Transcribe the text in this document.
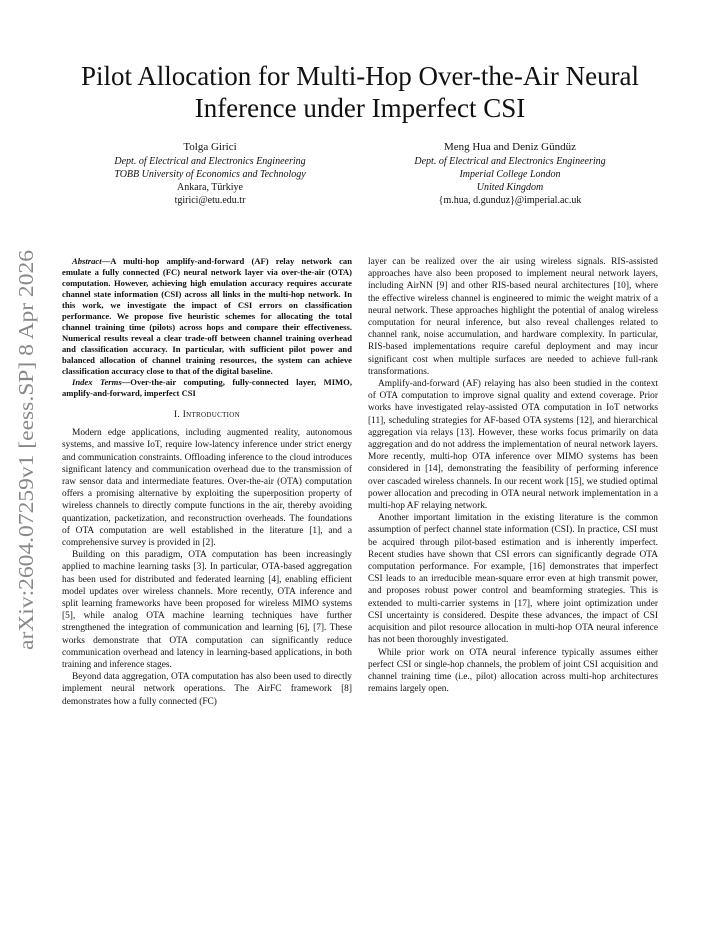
arXiv:2604.07259v1 [eess.SP] 8 Apr 2026
Pilot Allocation for Multi-Hop Over-the-Air Neural Inference under Imperfect CSI
Tolga Girici
Dept. of Electrical and Electronics Engineering
TOBB University of Economics and Technology
Ankara, Türkiye
tgirici@etu.edu.tr
Meng Hua and Deniz Gündüz
Dept. of Electrical and Electronics Engineering
Imperial College London
United Kingdom
{m.hua, d.gunduz}@imperial.ac.uk

Abstract—A multi-hop amplify-and-forward (AF) relay network can emulate a fully connected (FC) neural network layer via over-the-air (OTA) computation. However, achieving high emulation accuracy requires accurate channel state information (CSI) across all links in the multi-hop network. In this work, we investigate the impact of CSI errors on classification performance. We propose five heuristic schemes for allocating the total channel training time (pilots) across hops and compare their effectiveness. Numerical results reveal a clear trade-off between channel training overhead and classification accuracy. In particular, with sufficient pilot power and balanced allocation of channel training resources, the system can achieve classification accuracy close to that of the digital baseline.

Index Terms—Over-the-air computing, fully-connected layer, MIMO, amplify-and-forward, imperfect CSI

I. Introduction

Modern edge applications, including augmented reality, autonomous systems, and massive IoT, require low-latency inference under strict energy and communication constraints. Offloading inference to the cloud introduces significant latency and communication overhead due to the transmission of raw sensor data and intermediate features. Over-the-air (OTA) computation offers a promising alternative by exploiting the superposition property of wireless channels to directly compute functions in the air, thereby avoiding quantization, packetization, and reconstruction overheads. The foundations of OTA computation are well established in the literature [1], and a comprehensive survey is provided in [2].

Building on this paradigm, OTA computation has been increasingly applied to machine learning tasks [3]. In particular, OTA-based aggregation has been used for distributed and federated learning [4], enabling efficient model updates over wireless channels. More recently, OTA inference and split learning frameworks have been proposed for wireless MIMO systems [5], while analog OTA machine learning techniques have further strengthened the integration of communication and learning [6], [7]. These works demonstrate that OTA computation can significantly reduce communication overhead and latency in learning-based applications, in both training and inference stages.

Beyond data aggregation, OTA computation has also been used to directly implement neural network operations. The AirFC framework [8] demonstrates how a fully connected (FC)

layer can be realized over the air using wireless signals. RIS-assisted approaches have also been proposed to implement neural network layers, including AirNN [9] and other RIS-based neural architectures [10], where the effective wireless channel is engineered to mimic the weight matrix of a neural network. These approaches highlight the potential of analog wireless computation for neural inference, but also reveal challenges related to channel rank, noise accumulation, and hardware complexity. In particular, RIS-based implementations require careful deployment and may incur significant cost when multiple surfaces are needed to achieve full-rank transformations.

Amplify-and-forward (AF) relaying has also been studied in the context of OTA computation to improve signal quality and extend coverage. Prior works have investigated relay-assisted OTA computation in IoT networks [11], scheduling strategies for AF-based OTA systems [12], and hierarchical aggregation via relays [13]. However, these works focus primarily on data aggregation and do not address the implementation of neural network layers. More recently, multi-hop OTA inference over MIMO systems has been considered in [14], demonstrating the feasibility of performing inference over cascaded wireless channels. In our recent work [15], we studied optimal power allocation and precoding in OTA neural network implementation in a multi-hop AF relaying network.

Another important limitation in the existing literature is the common assumption of perfect channel state information (CSI). In practice, CSI must be acquired through pilot-based estimation and is inherently imperfect. Recent studies have shown that CSI errors can significantly degrade OTA computation performance. For example, [16] demonstrates that imperfect CSI leads to an irreducible mean-square error even at high transmit power, and proposes robust power control and beamforming strategies. This is extended to multi-carrier systems in [17], where joint optimization under CSI uncertainty is considered. Despite these advances, the impact of CSI acquisition and pilot resource allocation in multi-hop OTA neural inference has not been thoroughly investigated.

While prior work on OTA neural inference typically assumes either perfect CSI or single-hop channels, the problem of joint CSI acquisition and channel training time (i.e., pilot) allocation across multi-hop architectures remains largely open.
